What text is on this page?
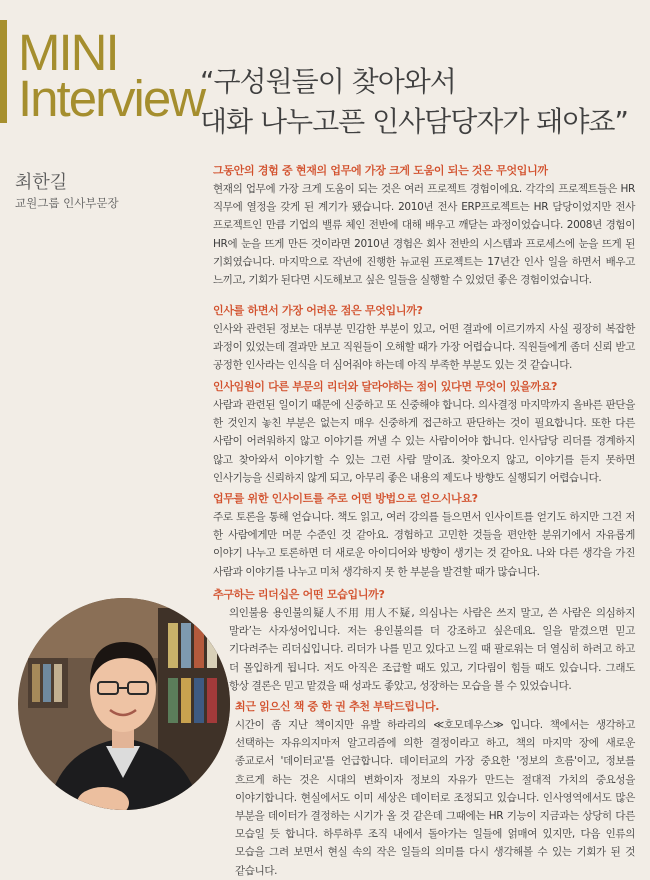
MINI
Interview
“구성원들이 찾아와서
대화 나누고픈 인사담당자가 돼야죠”
최한길
교원그룹 인사부문장
그동안의 경험 중 현재의 업무에 가장 크게 도움이 되는 것은 무엇입니까
현재의 업무에 가장 크게 도움이 되는 것은 여러 프로젝트 경험이에요. 각각의 프로젝트들은 HR 직무에 열정을 갖게 된 계기가 됐습니다. 2010년 전사 ERP프로젝트는 HR 담당이었지만 전사 프로젝트인 만큼 기업의 밸류 체인 전반에 대해 배우고 깨닫는 과정이었습니다. 2008년 경험이 HR에 눈을 뜨게 만든 것이라면 2010년 경험은 회사 전반의 시스템과 프로세스에 눈을 뜨게 된 기회였습니다. 마지막으로 작년에 진행한 뉴교원 프로젝트는 17년간 인사 일을 하면서 배우고 느끼고, 기회가 된다면 시도해보고 싶은 일들을 실행할 수 있었던 좋은 경험이었습니다.
인사를 하면서 가장 어려운 점은 무엇입니까?
인사와 관련된 정보는 대부분 민감한 부분이 있고, 어떤 결과에 이르기까지 사실 굉장히 복잡한 과정이 있었는데 결과만 보고 직원들이 오해할 때가 가장 어렵습니다. 직원들에게 좀더 신뢰 받고 공정한 인사라는 인식을 더 심어줘야 하는데 아직 부족한 부분도 있는 것 같습니다.
인사임원이 다른 부문의 리더와 달라야하는 점이 있다면 무엇이 있을까요?
사람과 관련된 일이기 때문에 신중하고 또 신중해야 합니다. 의사결정 마지막까지 올바른 판단을 한 것인지 놓친 부분은 없는지 매우 신중하게 접근하고 판단하는 것이 필요합니다. 또한 다른 사람이 어려워하지 않고 이야기를 꺼낼 수 있는 사람이어야 합니다. 인사담당 리더를 경계하지 않고 찾아와서 이야기할 수 있는 그런 사람 말이죠. 찾아오지 않고, 이야기를 듣지 못하면 인사기능을 신뢰하지 않게 되고, 아무리 좋은 내용의 제도나 방향도 실행되기 어렵습니다.
업무를 위한 인사이트를 주로 어떤 방법으로 얻으시나요?
주로 토론을 통해 얻습니다. 책도 읽고, 여러 강의를 들으면서 인사이트를 얻기도 하지만 그건 저 한 사람에게만 머문 수준인 것 같아요. 경험하고 고민한 것들을 편안한 분위기에서 자유롭게 이야기 나누고 토론하면 더 새로운 아이디어와 방향이 생기는 것 같아요. 나와 다른 생각을 가진 사람과 이야기를 나누고 미처 생각하지 못 한 부분을 발견할 때가 많습니다.
추구하는 리더십은 어떤 모습입니까?
의인불용 용인불의疑人不用 用人不疑, 의심나는 사람은 쓰지 말고, 쓴 사람은 의심하지 말라’는 사자성어입니다. 저는 용인불의를 더 강조하고 싶은데요. 일을 맡겼으면 믿고 기다려주는 리더십입니다. 리더가 나를 믿고 있다고 느낄 때 팔로워는 더 열심히 하려고 하고 더 몰입하게 됩니다. 저도 아직은 조급할 때도 있고, 기다림이 힘들 때도 있습니다. 그래도 항상 결론은 믿고 맡겼을 때 성과도 좋았고, 성장하는 모습을 볼 수 있었습니다.
최근 읽으신 책 중 한 권 추천 부탁드립니다.
시간이 좀 지난 책이지만 유발 하라리의 ≪호모데우스≫ 입니다. 책에서는 생각하고 선택하는 자유의지마저 알고리즘에 의한 결정이라고 하고, 책의 마지막 장에 새로운 종교로서 '데이터교'를 언급합니다. 데이터교의 가장 중요한 '정보의 흐름'이고, 정보를 흐르게 하는 것은 시대의 변화이자 정보의 자유가 만드는 절대적 가치의 중요성을 이야기합니다. 현실에서도 이미 세상은 데이터로 조정되고 있습니다. 인사영역에서도 많은 부분을 데이터가 결정하는 시기가 올 것 같은데 그때에는 HR 기능이 지금과는 상당히 다른 모습일 듯 합니다. 하루하루 조직 내에서 돌아가는 일들에 얽매여 있지만, 다음 인류의 모습을 그려 보면서 현실 속의 작은 일들의 의미를 다시 생각해볼 수 있는 기회가 된 것 같습니다.
